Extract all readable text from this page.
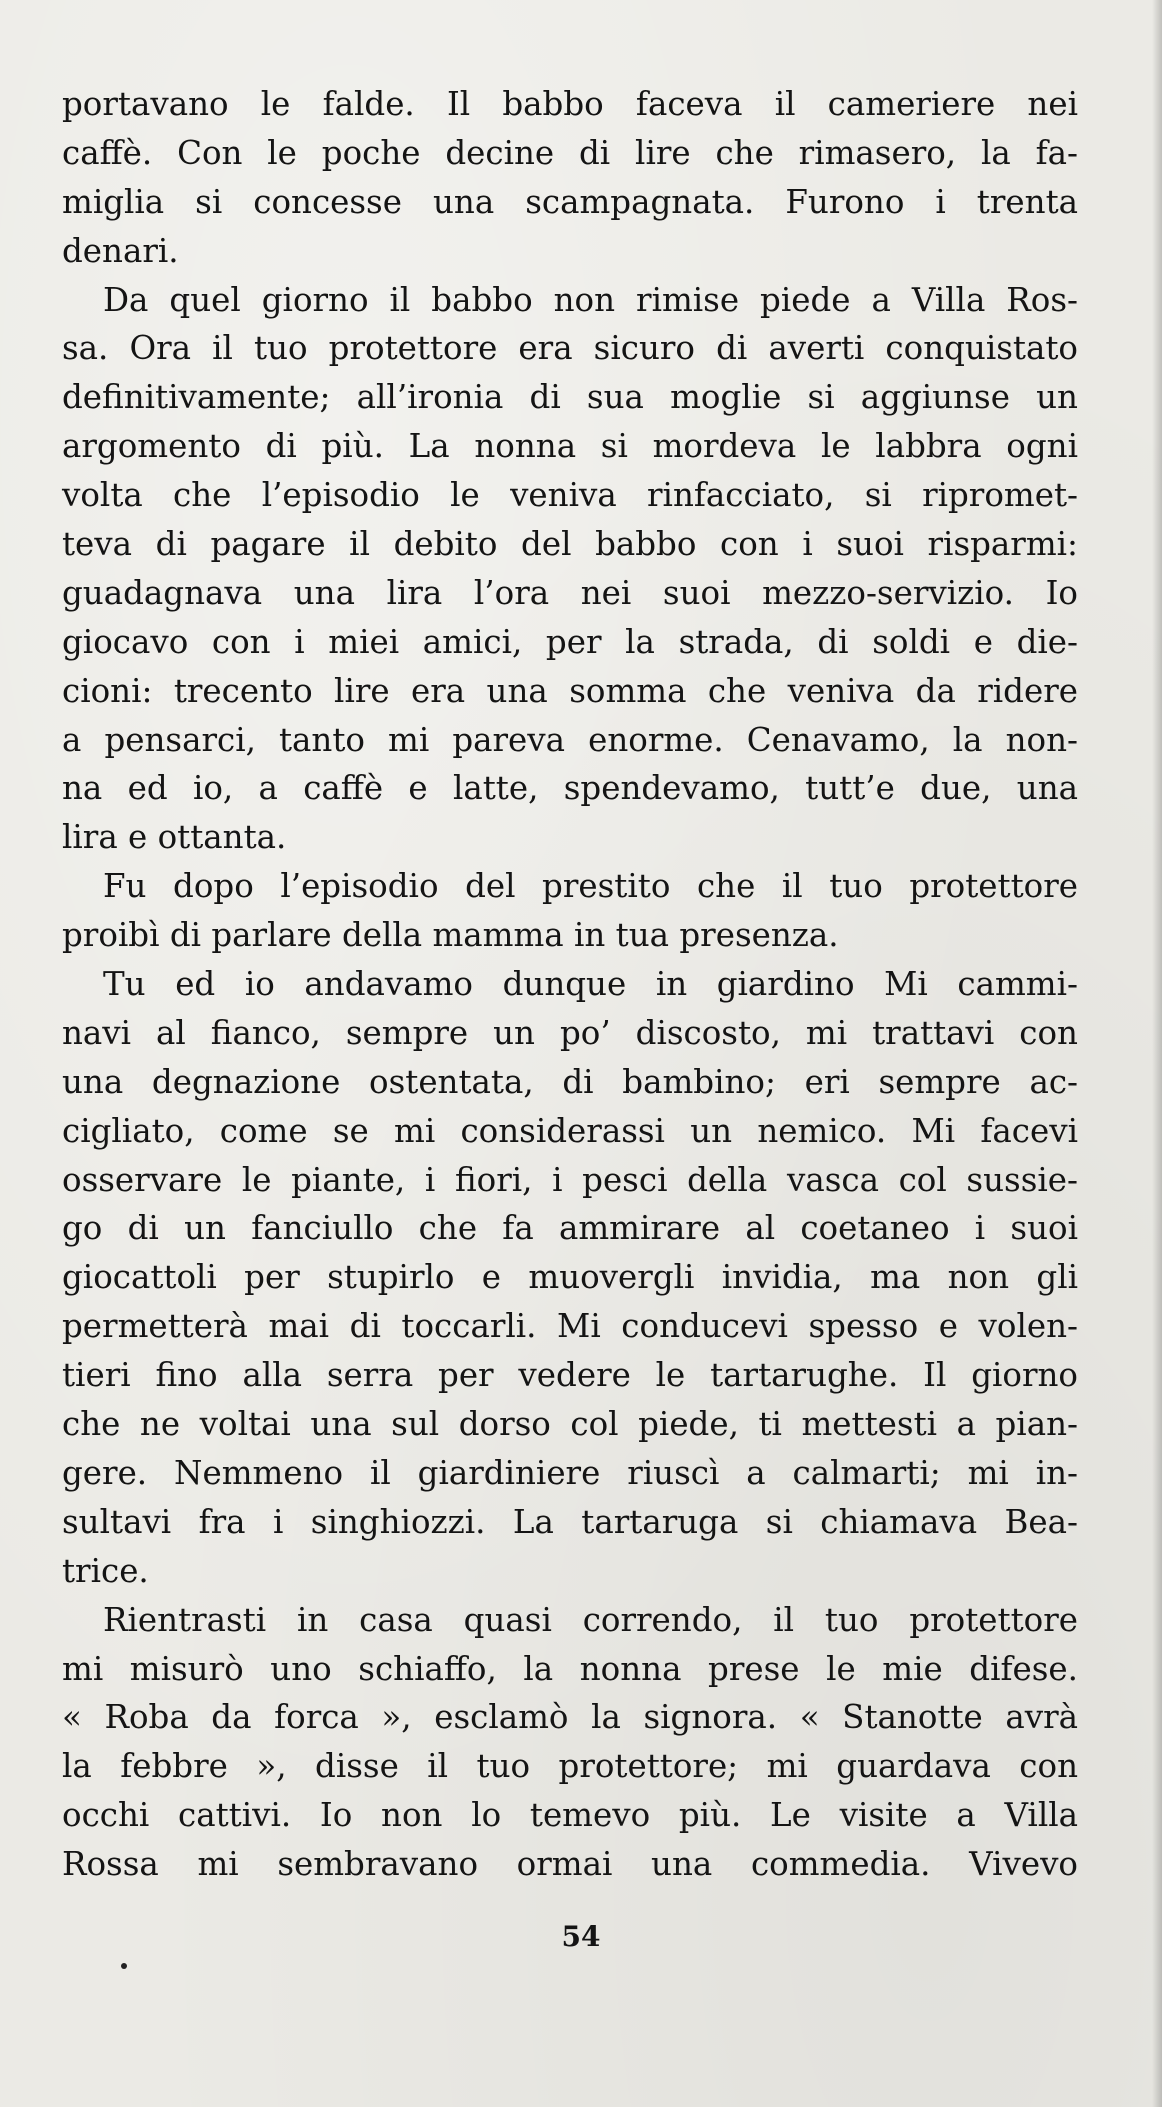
portavano le falde. Il babbo faceva il cameriere nei
caffè. Con le poche decine di lire che rimasero, la fa-
miglia si concesse una scampagnata. Furono i trenta
denari.
Da quel giorno il babbo non rimise piede a Villa Ros-
sa. Ora il tuo protettore era sicuro di averti conquistato
definitivamente; all’ironia di sua moglie si aggiunse un
argomento di più. La nonna si mordeva le labbra ogni
volta che l’episodio le veniva rinfacciato, si ripromet-
teva di pagare il debito del babbo con i suoi risparmi:
guadagnava una lira l’ora nei suoi mezzo-servizio. Io
giocavo con i miei amici, per la strada, di soldi e die-
cioni: trecento lire era una somma che veniva da ridere
a pensarci, tanto mi pareva enorme. Cenavamo, la non-
na ed io, a caffè e latte, spendevamo, tutt’e due, una
lira e ottanta.
Fu dopo l’episodio del prestito che il tuo protettore
proibì di parlare della mamma in tua presenza.
Tu ed io andavamo dunque in giardino Mi cammi-
navi al fianco, sempre un po’ discosto, mi trattavi con
una degnazione ostentata, di bambino; eri sempre ac-
cigliato, come se mi considerassi un nemico. Mi facevi
osservare le piante, i fiori, i pesci della vasca col sussie-
go di un fanciullo che fa ammirare al coetaneo i suoi
giocattoli per stupirlo e muovergli invidia, ma non gli
permetterà mai di toccarli. Mi conducevi spesso e volen-
tieri fino alla serra per vedere le tartarughe. Il giorno
che ne voltai una sul dorso col piede, ti mettesti a pian-
gere. Nemmeno il giardiniere riuscì a calmarti; mi in-
sultavi fra i singhiozzi. La tartaruga si chiamava Bea-
trice.
Rientrasti in casa quasi correndo, il tuo protettore
mi misurò uno schiaffo, la nonna prese le mie difese.
« Roba da forca », esclamò la signora. « Stanotte avrà
la febbre », disse il tuo protettore; mi guardava con
occhi cattivi. Io non lo temevo più. Le visite a Villa
Rossa mi sembravano ormai una commedia. Vivevo
54
